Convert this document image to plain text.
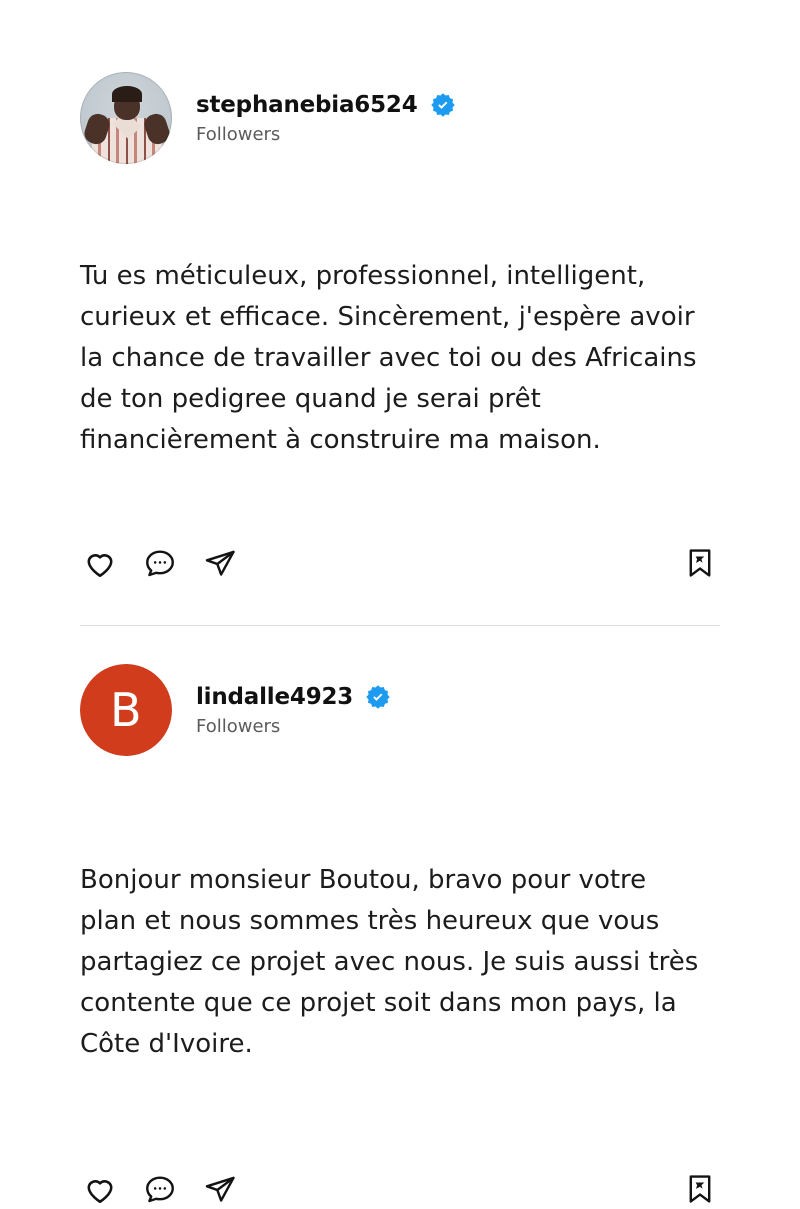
stephanebia6524
Followers

Tu es méticuleux, professionnel, intelligent, curieux et efficace. Sincèrement, j'espère avoir la chance de travailler avec toi ou des Africains de ton pedigree quand je serai prêt financièrement à construire ma maison.

B	lindalle4923
Followers

Bonjour monsieur Boutou, bravo pour votre plan et nous sommes très heureux que vous partagiez ce projet avec nous. Je suis aussi très contente que ce projet soit dans mon pays, la Côte d'Ivoire.
